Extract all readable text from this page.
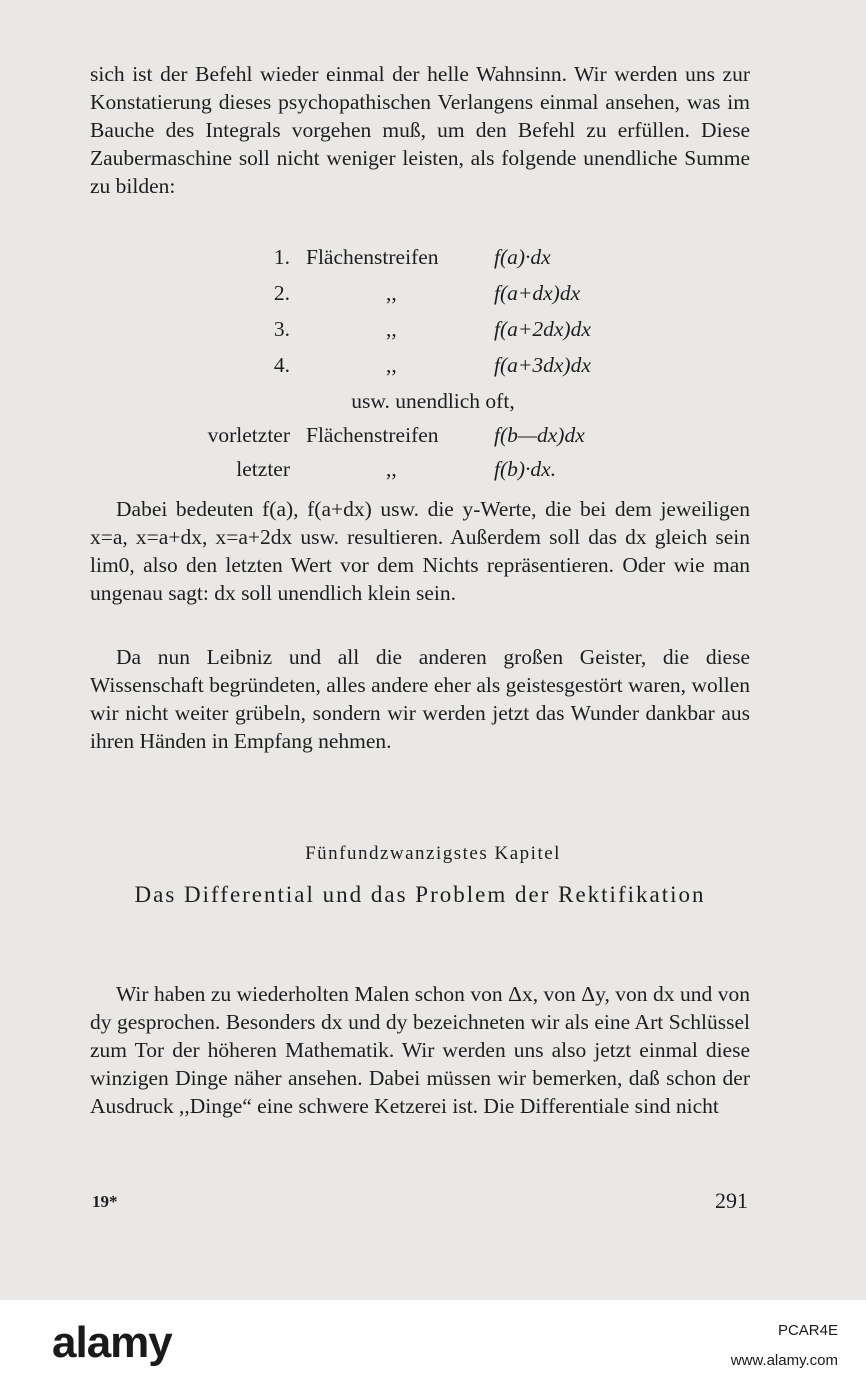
sich ist der Befehl wieder einmal der helle Wahnsinn. Wir werden uns zur Konstatierung dieses psychopathischen Verlangens einmal ansehen, was im Bauche des Integrals vorgehen muß, um den Befehl zu erfüllen. Diese Zaubermaschine soll nicht weniger leisten, als folgende unendliche Summe zu bilden:

1. Flächenstreifen	f(a)·dx
2.	,,	f(a+dx)dx
3.	,,	f(a+2dx)dx
4.	,,	f(a+3dx)dx
usw. unendlich oft,
vorletzter Flächenstreifen	f(b—dx)dx
letzter	,,	f(b)·dx.

Dabei bedeuten f(a), f(a+dx) usw. die y-Werte, die bei dem jeweiligen x=a, x=a+dx, x=a+2dx usw. resultieren. Außerdem soll das dx gleich sein lim0, also den letzten Wert vor dem Nichts repräsentieren. Oder wie man ungenau sagt: dx soll unendlich klein sein.

Da nun Leibniz und all die anderen großen Geister, die diese Wissenschaft begründeten, alles andere eher als geistesgestört waren, wollen wir nicht weiter grübeln, sondern wir werden jetzt das Wunder dankbar aus ihren Händen in Empfang nehmen.

Fünfundzwanzigstes Kapitel
Das Differential und das Problem der Rektifikation

Wir haben zu wiederholten Malen schon von Δx, von Δy, von dx und von dy gesprochen. Besonders dx und dy bezeichneten wir als eine Art Schlüssel zum Tor der höheren Mathematik. Wir werden uns also jetzt einmal diese winzigen Dinge näher ansehen. Dabei müssen wir bemerken, daß schon der Ausdruck ,,Dinge“ eine schwere Ketzerei ist. Die Differentiale sind nicht

19*	291
alamy	PCAR4E
www.alamy.com
